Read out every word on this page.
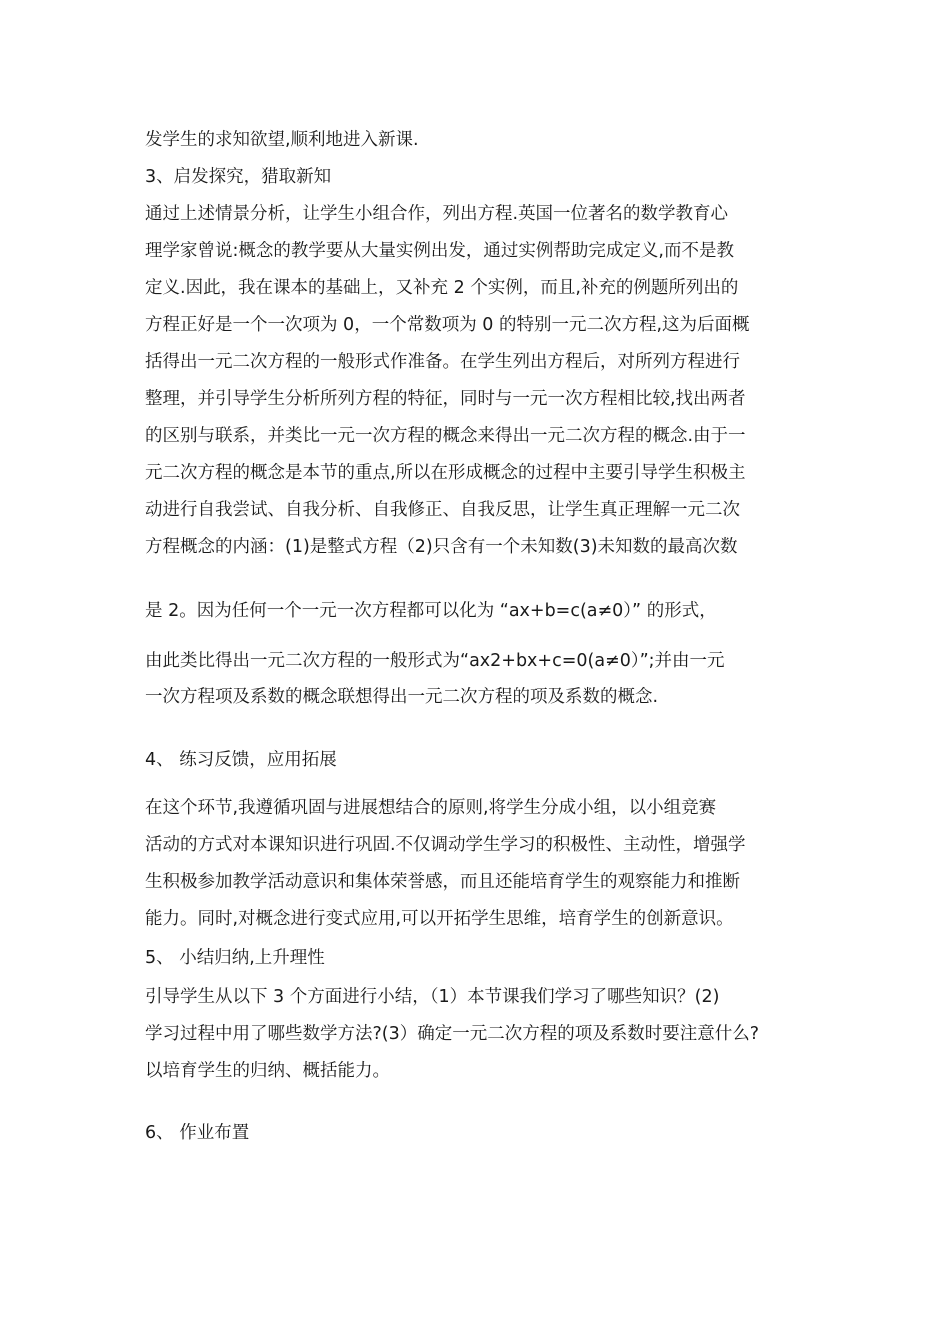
发学生的求知欲望,顺利地进入新课.
3、启发探究，猎取新知
通过上述情景分析，让学生小组合作，列出方程.英国一位著名的数学教育心
理学家曾说:概念的教学要从大量实例出发，通过实例帮助完成定义,而不是教
定义.因此，我在课本的基础上，又补充 2 个实例，而且,补充的例题所列出的
方程正好是一个一次项为 0，一个常数项为 0 的特别一元二次方程,这为后面概
括得出一元二次方程的一般形式作准备。在学生列出方程后，对所列方程进行
整理，并引导学生分析所列方程的特征，同时与一元一次方程相比较,找出两者
的区别与联系，并类比一元一次方程的概念来得出一元二次方程的概念.由于一
元二次方程的概念是本节的重点,所以在形成概念的过程中主要引导学生积极主
动进行自我尝试、自我分析、自我修正、自我反思，让学生真正理解一元二次
方程概念的内涵：(1)是整式方程（2)只含有一个未知数(3)未知数的最高次数
是 2。因为任何一个一元一次方程都可以化为 “ax+b=c(a≠0）” 的形式，
由此类比得出一元二次方程的一般形式为“ax2+bx+c=0(a≠0）”;并由一元
一次方程项及系数的概念联想得出一元二次方程的项及系数的概念.
4、 练习反馈，应用拓展
在这个环节,我遵循巩固与进展想结合的原则,将学生分成小组，以小组竞赛
活动的方式对本课知识进行巩固.不仅调动学生学习的积极性、主动性，增强学
生积极参加教学活动意识和集体荣誉感，而且还能培育学生的观察能力和推断
能力。同时,对概念进行变式应用,可以开拓学生思维，培育学生的创新意识。
5、 小结归纳,上升理性
引导学生从以下 3 个方面进行小结，（1）本节课我们学习了哪些知识？(2)
学习过程中用了哪些数学方法?(3）确定一元二次方程的项及系数时要注意什么?
以培育学生的归纳、概括能力。
6、 作业布置
